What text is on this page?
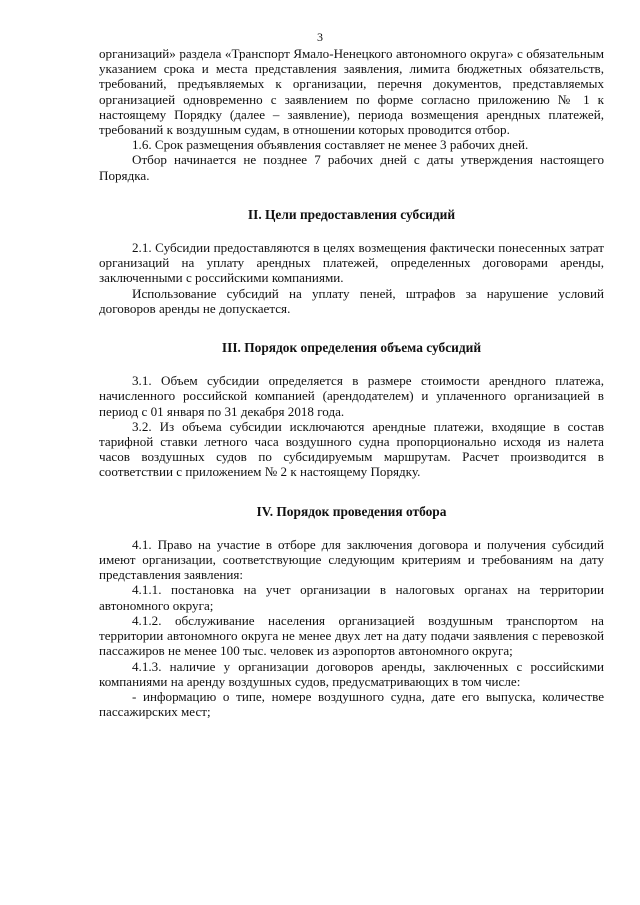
3

организаций» раздела «Транспорт Ямало-Ненецкого автономного округа» с обязательным указанием срока и места представления заявления, лимита бюджетных обязательств, требований, предъявляемых к организации, перечня документов, представляемых организацией одновременно с заявлением по форме согласно приложению № 1 к настоящему Порядку (далее – заявление), периода возмещения арендных платежей, требований к воздушным судам, в отношении которых проводится отбор.

1.6. Срок размещения объявления составляет не менее 3 рабочих дней.

Отбор начинается не позднее 7 рабочих дней с даты утверждения настоящего Порядка.

II. Цели предоставления субсидий

2.1. Субсидии предоставляются в целях возмещения фактически понесенных затрат организаций на уплату арендных платежей, определенных договорами аренды, заключенными с российскими компаниями.

Использование субсидий на уплату пеней, штрафов за нарушение условий договоров аренды не допускается.

III. Порядок определения объема субсидий

3.1. Объем субсидии определяется в размере стоимости арендного платежа, начисленного российской компанией (арендодателем) и уплаченного организацией в период с 01 января по 31 декабря 2018 года.

3.2. Из объема субсидии исключаются арендные платежи, входящие в состав тарифной ставки летного часа воздушного судна пропорционально исходя из налета часов воздушных судов по субсидируемым маршрутам. Расчет производится в соответствии с приложением № 2 к настоящему Порядку.

IV. Порядок проведения отбора

4.1. Право на участие в отборе для заключения договора и получения субсидий имеют организации, соответствующие следующим критериям и требованиям на дату представления заявления:

4.1.1. постановка на учет организации в налоговых органах на территории автономного округа;

4.1.2. обслуживание населения организацией воздушным транспортом на территории автономного округа не менее двух лет на дату подачи заявления с перевозкой пассажиров не менее 100 тыс. человек из аэропортов автономного округа;

4.1.3. наличие у организации договоров аренды, заключенных с российскими компаниями на аренду воздушных судов, предусматривающих в том числе:

- информацию о типе, номере воздушного судна, дате его выпуска, количестве пассажирских мест;
